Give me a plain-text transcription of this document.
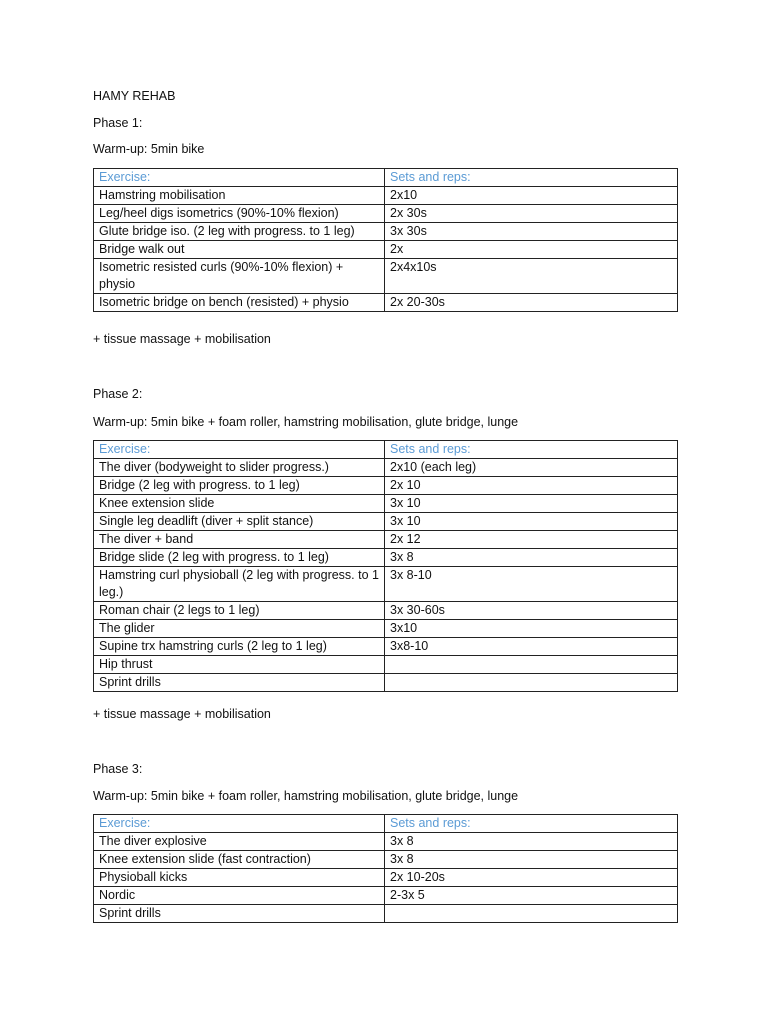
HAMY REHAB
Phase 1:
Warm-up: 5min bike
Exercise:	Sets and reps:
Hamstring mobilisation	2x10
Leg/heel digs isometrics (90%-10% flexion)	2x 30s
Glute bridge iso. (2 leg with progress. to 1 leg)	3x 30s
Bridge walk out	2x
Isometric resisted curls (90%-10% flexion) + physio	2x4x10s
Isometric bridge on bench (resisted) + physio	2x 20-30s
+ tissue massage + mobilisation
Phase 2:
Warm-up: 5min bike + foam roller, hamstring mobilisation, glute bridge, lunge
Exercise:	Sets and reps:
The diver (bodyweight to slider progress.)	2x10 (each leg)
Bridge (2 leg with progress. to 1 leg)	2x 10
Knee extension slide	3x 10
Single leg deadlift (diver + split stance)	3x 10
The diver + band	2x 12
Bridge slide (2 leg with progress. to 1 leg)	3x 8
Hamstring curl physioball (2 leg with progress. to 1 leg.)	3x 8-10
Roman chair (2 legs to 1 leg)	3x 30-60s
The glider	3x10
Supine trx hamstring curls (2 leg to 1 leg)	3x8-10
Hip thrust	
Sprint drills	
+ tissue massage + mobilisation
Phase 3:
Warm-up: 5min bike + foam roller, hamstring mobilisation, glute bridge, lunge
Exercise:	Sets and reps:
The diver explosive	3x 8
Knee extension slide (fast contraction)	3x 8
Physioball kicks	2x 10-20s
Nordic	2-3x 5
Sprint drills	
